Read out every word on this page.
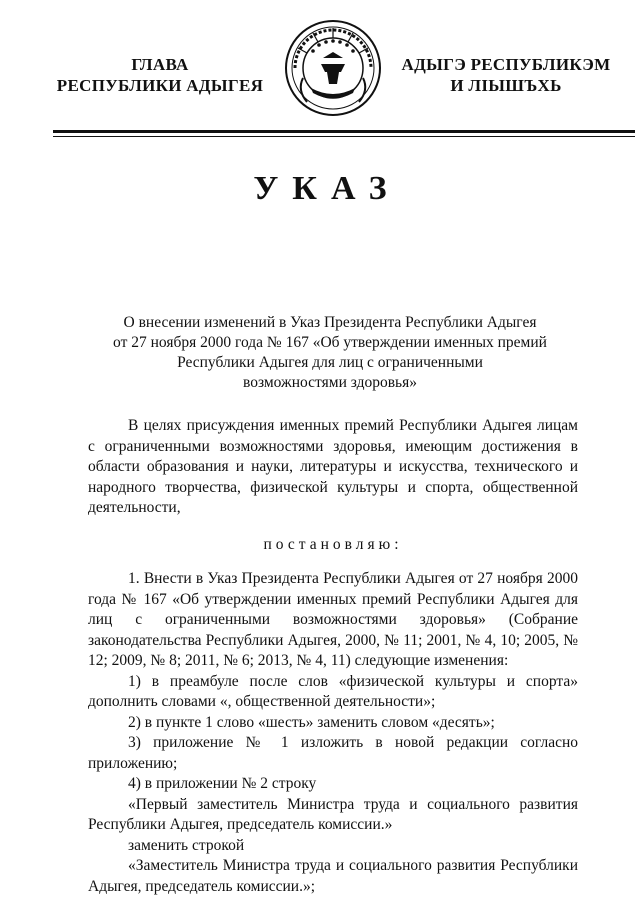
ГЛАВА
РЕСПУБЛИКИ АДЫГЕЯ
АДЫГЭ РЕСПУБЛИКЭМ
И ЛІЫШЪХЬ
УКАЗ
О внесении изменений в Указ Президента Республики Адыгея
от 27 ноября 2000 года № 167 «Об утверждении именных премий
Республики Адыгея для лиц с ограниченными
возможностями здоровья»

В целях присуждения именных премий Республики Адыгея лицам с ограниченными возможностями здоровья, имеющим достижения в области образования и науки, литературы и искусства, технического и народного творчества, физической культуры и спорта, общественной деятельности,

постановляю:

1. Внести в Указ Президента Республики Адыгея от 27 ноября 2000 года № 167 «Об утверждении именных премий Республики Адыгея для лиц с ограниченными возможностями здоровья» (Собрание законодательства Республики Адыгея, 2000, № 11; 2001, № 4, 10; 2005, № 12; 2009, № 8; 2011, № 6; 2013, № 4, 11) следующие изменения:

1) в преамбуле после слов «физической культуры и спорта» дополнить словами «, общественной деятельности»;

2) в пункте 1 слово «шесть» заменить словом «десять»;

3) приложение № 1 изложить в новой редакции согласно приложению;

4) в приложении № 2 строку

«Первый заместитель Министра труда и социального развития Республики Адыгея, председатель комиссии.»

заменить строкой

«Заместитель Министра труда и социального развития Республики Адыгея, председатель комиссии.»;
